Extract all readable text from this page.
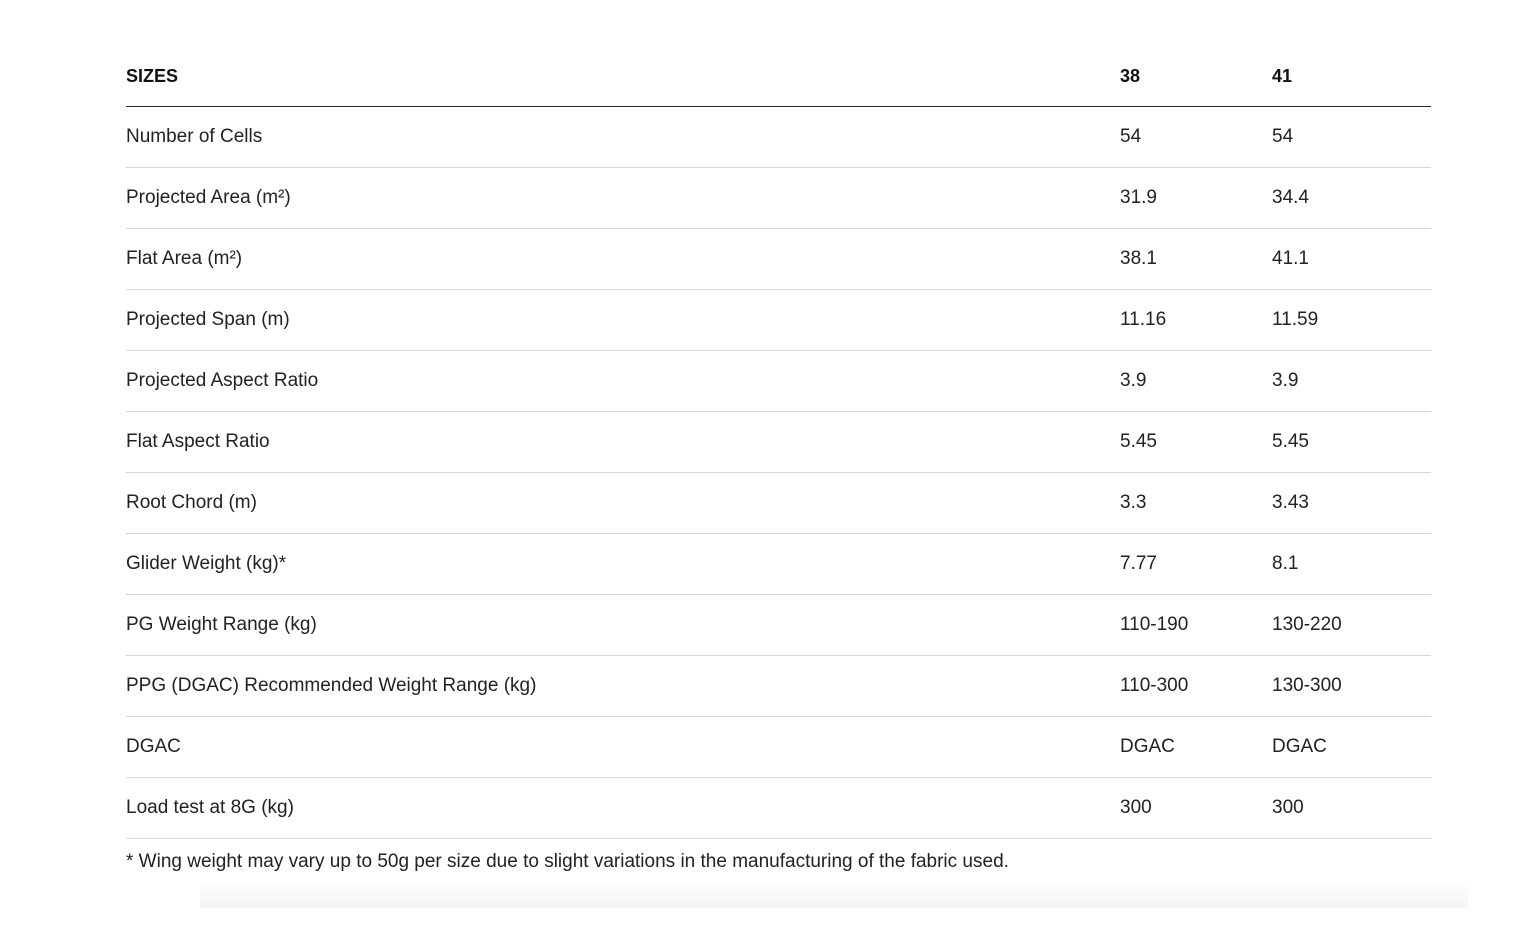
SIZES	38	41
Number of Cells	54	54
Projected Area (m²)	31.9	34.4
Flat Area (m²)	38.1	41.1
Projected Span (m)	11.16	11.59
Projected Aspect Ratio	3.9	3.9
Flat Aspect Ratio	5.45	5.45
Root Chord (m)	3.3	3.43
Glider Weight (kg)*	7.77	8.1
PG Weight Range (kg)	110-190	130-220
PPG (DGAC) Recommended Weight Range (kg)	110-300	130-300
DGAC	DGAC	DGAC
Load test at 8G (kg)	300	300
* Wing weight may vary up to 50g per size due to slight variations in the manufacturing of the fabric used.
